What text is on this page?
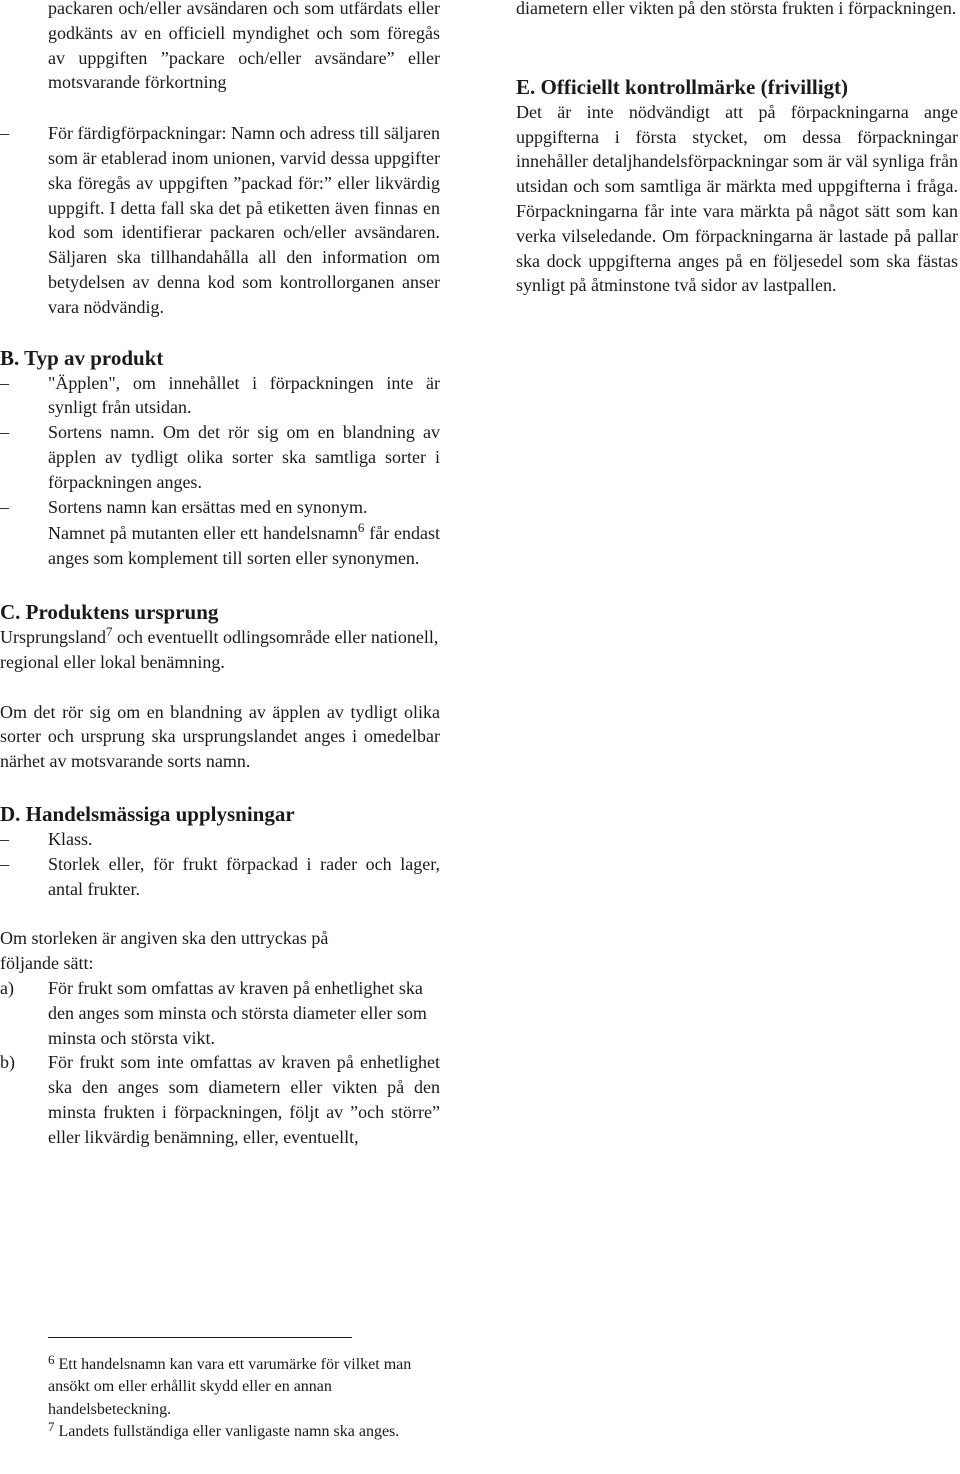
packaren och/eller avsändaren och som utfärdats eller godkänts av en officiell myndighet och som föregås av uppgiften ”packare och/eller avsändare” eller motsvarande förkortning

– För färdigförpackningar: Namn och adress till säljaren som är etablerad inom unionen, varvid dessa uppgifter ska föregås av uppgiften ”packad för:” eller likvärdig uppgift. I detta fall ska det på etiketten även finnas en kod som identifierar packaren och/eller avsändaren. Säljaren ska tillhandahålla all den information om betydelsen av denna kod som kontrollorganen anser vara nödvändig.

B. Typ av produkt

– "Äpplen", om innehållet i förpackningen inte är synligt från utsidan.
– Sortens namn. Om det rör sig om en blandning av äpplen av tydligt olika sorter ska samtliga sorter i förpackningen anges.
– Sortens namn kan ersättas med en synonym.

Namnet på mutanten eller ett handelsnamn$^6$ får endast anges som komplement till sorten eller synonymen.

C. Produktens ursprung

Ursprungsland$^7$ och eventuellt odlingsområde eller nationell, regional eller lokal benämning.

Om det rör sig om en blandning av äpplen av tydligt olika sorter och ursprung ska ursprungslandet anges i omedelbar närhet av motsvarande sorts namn.

D. Handelsmässiga upplysningar

– Klass.
– Storlek eller, för frukt förpackad i rader och lager, antal frukter.

Om storleken är angiven ska den uttryckas på följande sätt:

a) För frukt som omfattas av kraven på enhetlighet ska den anges som minsta och största diameter eller som minsta och största vikt.
b) För frukt som inte omfattas av kraven på enhetlighet ska den anges som diametern eller vikten på den minsta frukten i förpackningen, följt av ”och större” eller likvärdig benämning, eller, eventuellt,

diametern eller vikten på den största frukten i förpackningen.

E. Officiellt kontrollmärke (frivilligt)

Det är inte nödvändigt att på förpackningarna ange uppgifterna i första stycket, om dessa förpackningar innehåller detaljhandelsförpackningar som är väl synliga från utsidan och som samtliga är märkta med uppgifterna i fråga. Förpackningarna får inte vara märkta på något sätt som kan verka vilseledande. Om förpackningarna är lastade på pallar ska dock uppgifterna anges på en följesedel som ska fästas synligt på åtminstone två sidor av lastpallen.

$^6$ Ett handelsnamn kan vara ett varumärke för vilket man ansökt om eller erhållit skydd eller en annan handelsbeteckning.

$^7$ Landets fullständiga eller vanligaste namn ska anges.
